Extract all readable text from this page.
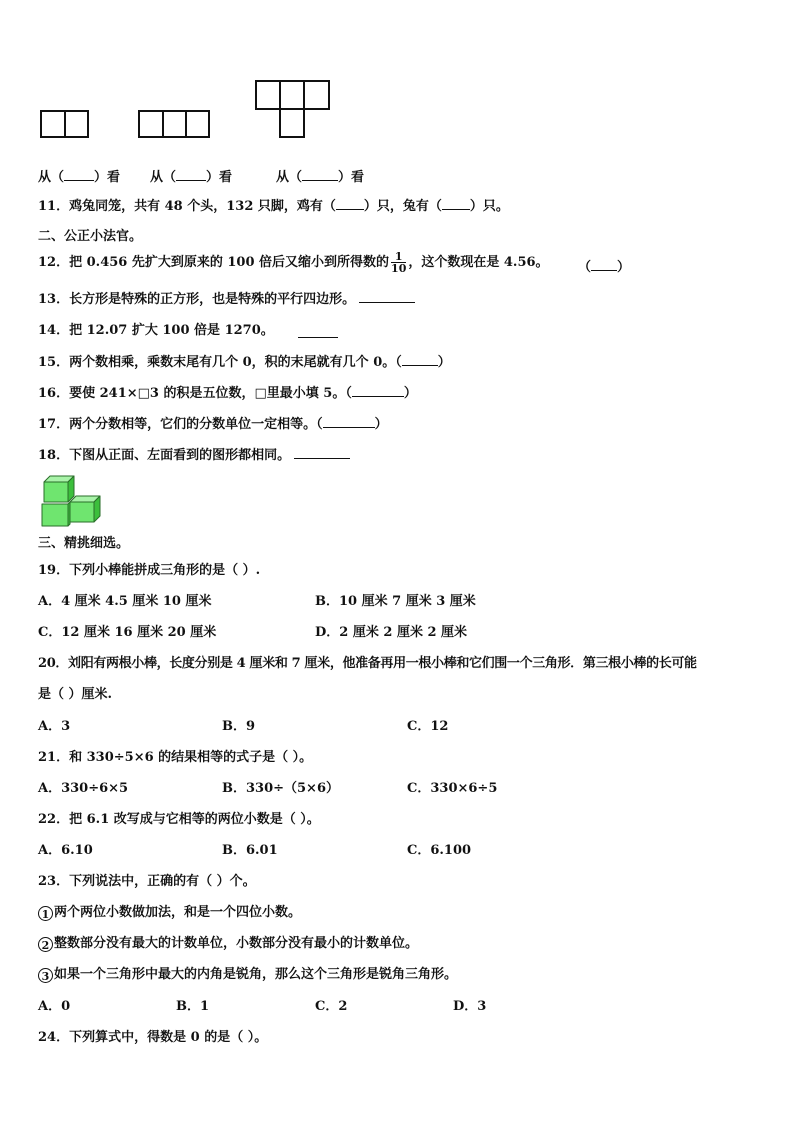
从（ ）看 从（ ）看	从（	）看
11．鸡兔同笼，共有 48 个头，132 只脚，鸡有（ ）只，兔有（ ）只。
二、公正小法官。
12．把 0.456 先扩大到原来的 100 倍后又缩小到所得数的 $\frac{1}{10}$ ，这个数现在是 4.56。 （ ）
13．长方形是特殊的正方形，也是特殊的平行四边形。
14．把 12.07 扩大 100 倍是 1270。
15．两个数相乘，乘数末尾有几个 0，积的末尾就有几个 0。（	）
16．要使 241×□3 的积是五位数，□里最小填 5。（	）
17．两个分数相等，它们的分数单位一定相等。（	）
18．下图从正面、左面看到的图形都相同。
三、精挑细选。
19．下列小棒能拼成三角形的是（ ）.
A．4 厘米 4.5 厘米 10 厘米	B．10 厘米 7 厘米 3 厘米
C．12 厘米 16 厘米 20 厘米	D．2 厘米 2 厘米 2 厘米
20．刘阳有两根小棒，长度分别是 4 厘米和 7 厘米，他准备再用一根小棒和它们围一个三角形．第三根小棒的长可能
是（ ）厘米.
A．3	B．9	C．12
21．和 330÷5×6 的结果相等的式子是（ ）。
A．330÷6×5	B．330÷（5×6）	C．330×6÷5
22．把 6.1 改写成与它相等的两位小数是（ ）。
A．6.10	B．6.01	C．6.100
23．下列说法中，正确的有（ ）个。
1 两个两位小数做加法，和是一个四位小数。
2 整数部分没有最大的计数单位，小数部分没有最小的计数单位。
3 如果一个三角形中最大的内角是锐角，那么这个三角形是锐角三角形。
A．0	B．1	C．2	D．3
24．下列算式中，得数是 0 的是（ ）。
